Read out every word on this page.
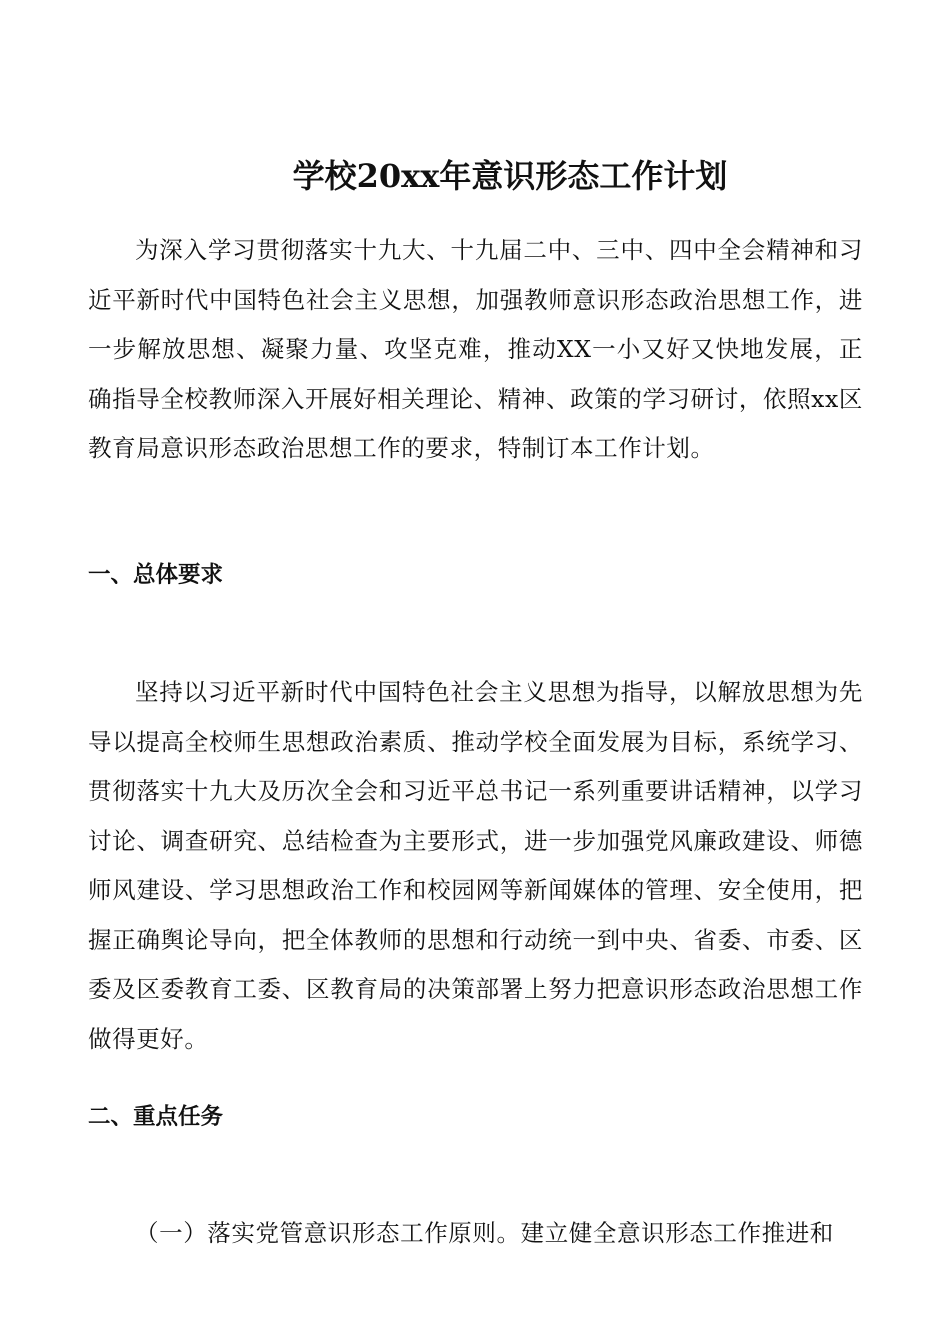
学校20xx年意识形态工作计划

为深入学习贯彻落实十九大、十九届二中、三中、四中全会精神和习近平新时代中国特色社会主义思想，加强教师意识形态政治思想工作，进一步解放思想、凝聚力量、攻坚克难，推动XX一小又好又快地发展，正确指导全校教师深入开展好相关理论、精神、政策的学习研讨，依照xx区教育局意识形态政治思想工作的要求，特制订本工作计划。

一、总体要求

坚持以习近平新时代中国特色社会主义思想为指导，以解放思想为先导以提高全校师生思想政治素质、推动学校全面发展为目标，系统学习、贯彻落实十九大及历次全会和习近平总书记一系列重要讲话精神，以学习讨论、调查研究、总结检查为主要形式，进一步加强党风廉政建设、师德师风建设、学习思想政治工作和校园网等新闻媒体的管理、安全使用，把握正确舆论导向，把全体教师的思想和行动统一到中央、省委、市委、区委及区委教育工委、区教育局的决策部署上努力把意识形态政治思想工作做得更好。

二、重点任务

（一）落实党管意识形态工作原则。建立健全意识形态工作推进和
